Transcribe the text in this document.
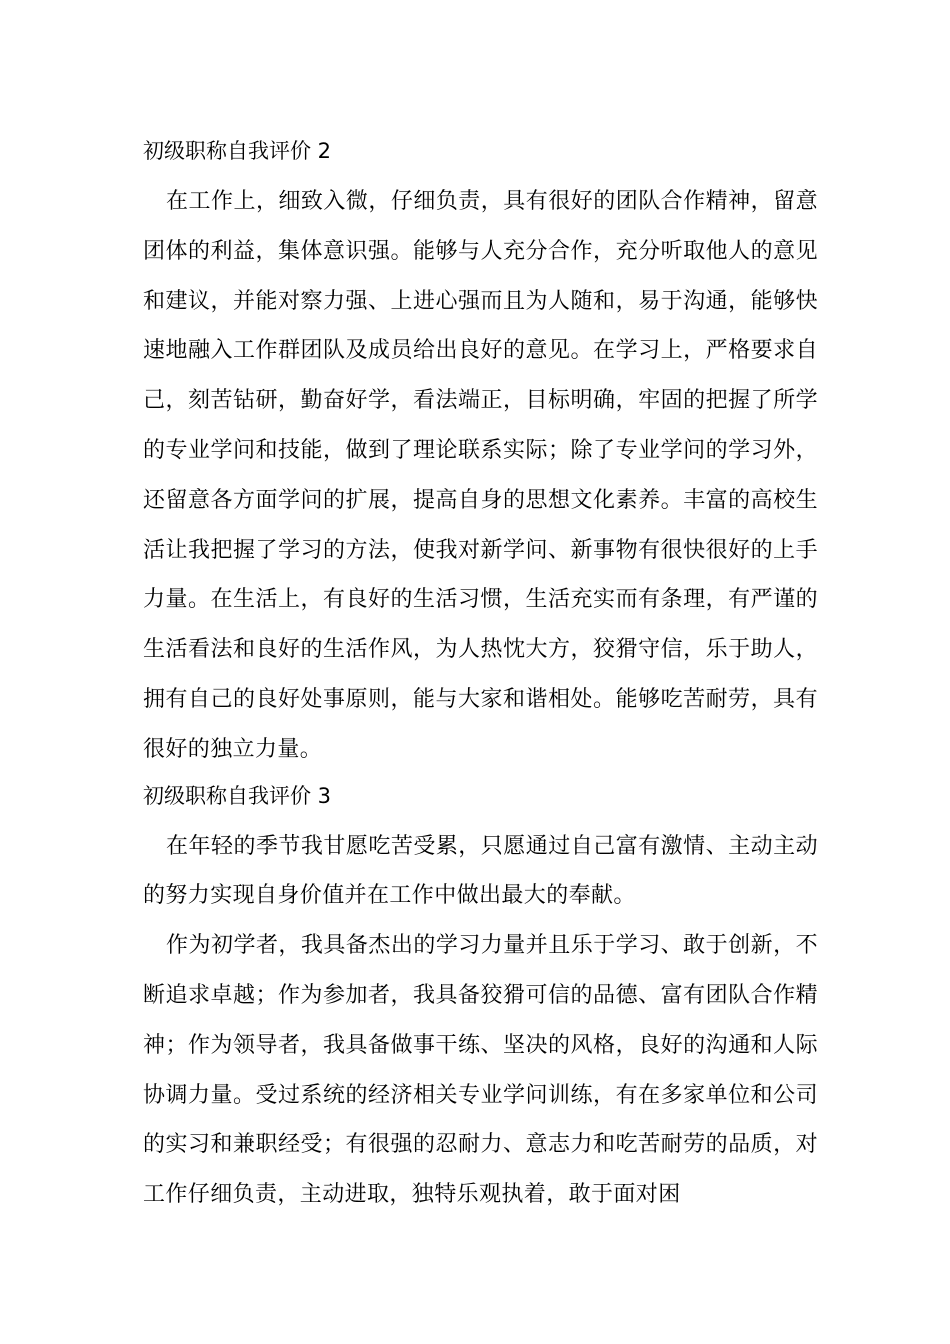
初级职称自我评价 2

在工作上，细致入微，仔细负责，具有很好的团队合作精神，留意团体的利益，集体意识强。能够与人充分合作，充分听取他人的意见和建议，并能对察力强、上进心强而且为人随和，易于沟通，能够快速地融入工作群团队及成员给出良好的意见。在学习上，严格要求自己，刻苦钻研，勤奋好学，看法端正，目标明确，牢固的把握了所学的专业学问和技能，做到了理论联系实际；除了专业学问的学习外，还留意各方面学问的扩展，提高自身的思想文化素养。丰富的高校生活让我把握了学习的方法，使我对新学问、新事物有很快很好的上手力量。在生活上，有良好的生活习惯，生活充实而有条理，有严谨的生活看法和良好的生活作风，为人热忱大方，狡猾守信，乐于助人，拥有自己的良好处事原则，能与大家和谐相处。能够吃苦耐劳，具有很好的独立力量。

初级职称自我评价 3

在年轻的季节我甘愿吃苦受累，只愿通过自己富有激情、主动主动的努力实现自身价值并在工作中做出最大的奉献。

作为初学者，我具备杰出的学习力量并且乐于学习、敢于创新，不断追求卓越；作为参加者，我具备狡猾可信的品德、富有团队合作精神；作为领导者，我具备做事干练、坚决的风格，良好的沟通和人际协调力量。受过系统的经济相关专业学问训练，有在多家单位和公司的实习和兼职经受；有很强的忍耐力、意志力和吃苦耐劳的品质，对工作仔细负责，主动进取，独特乐观执着，敢于面对困
